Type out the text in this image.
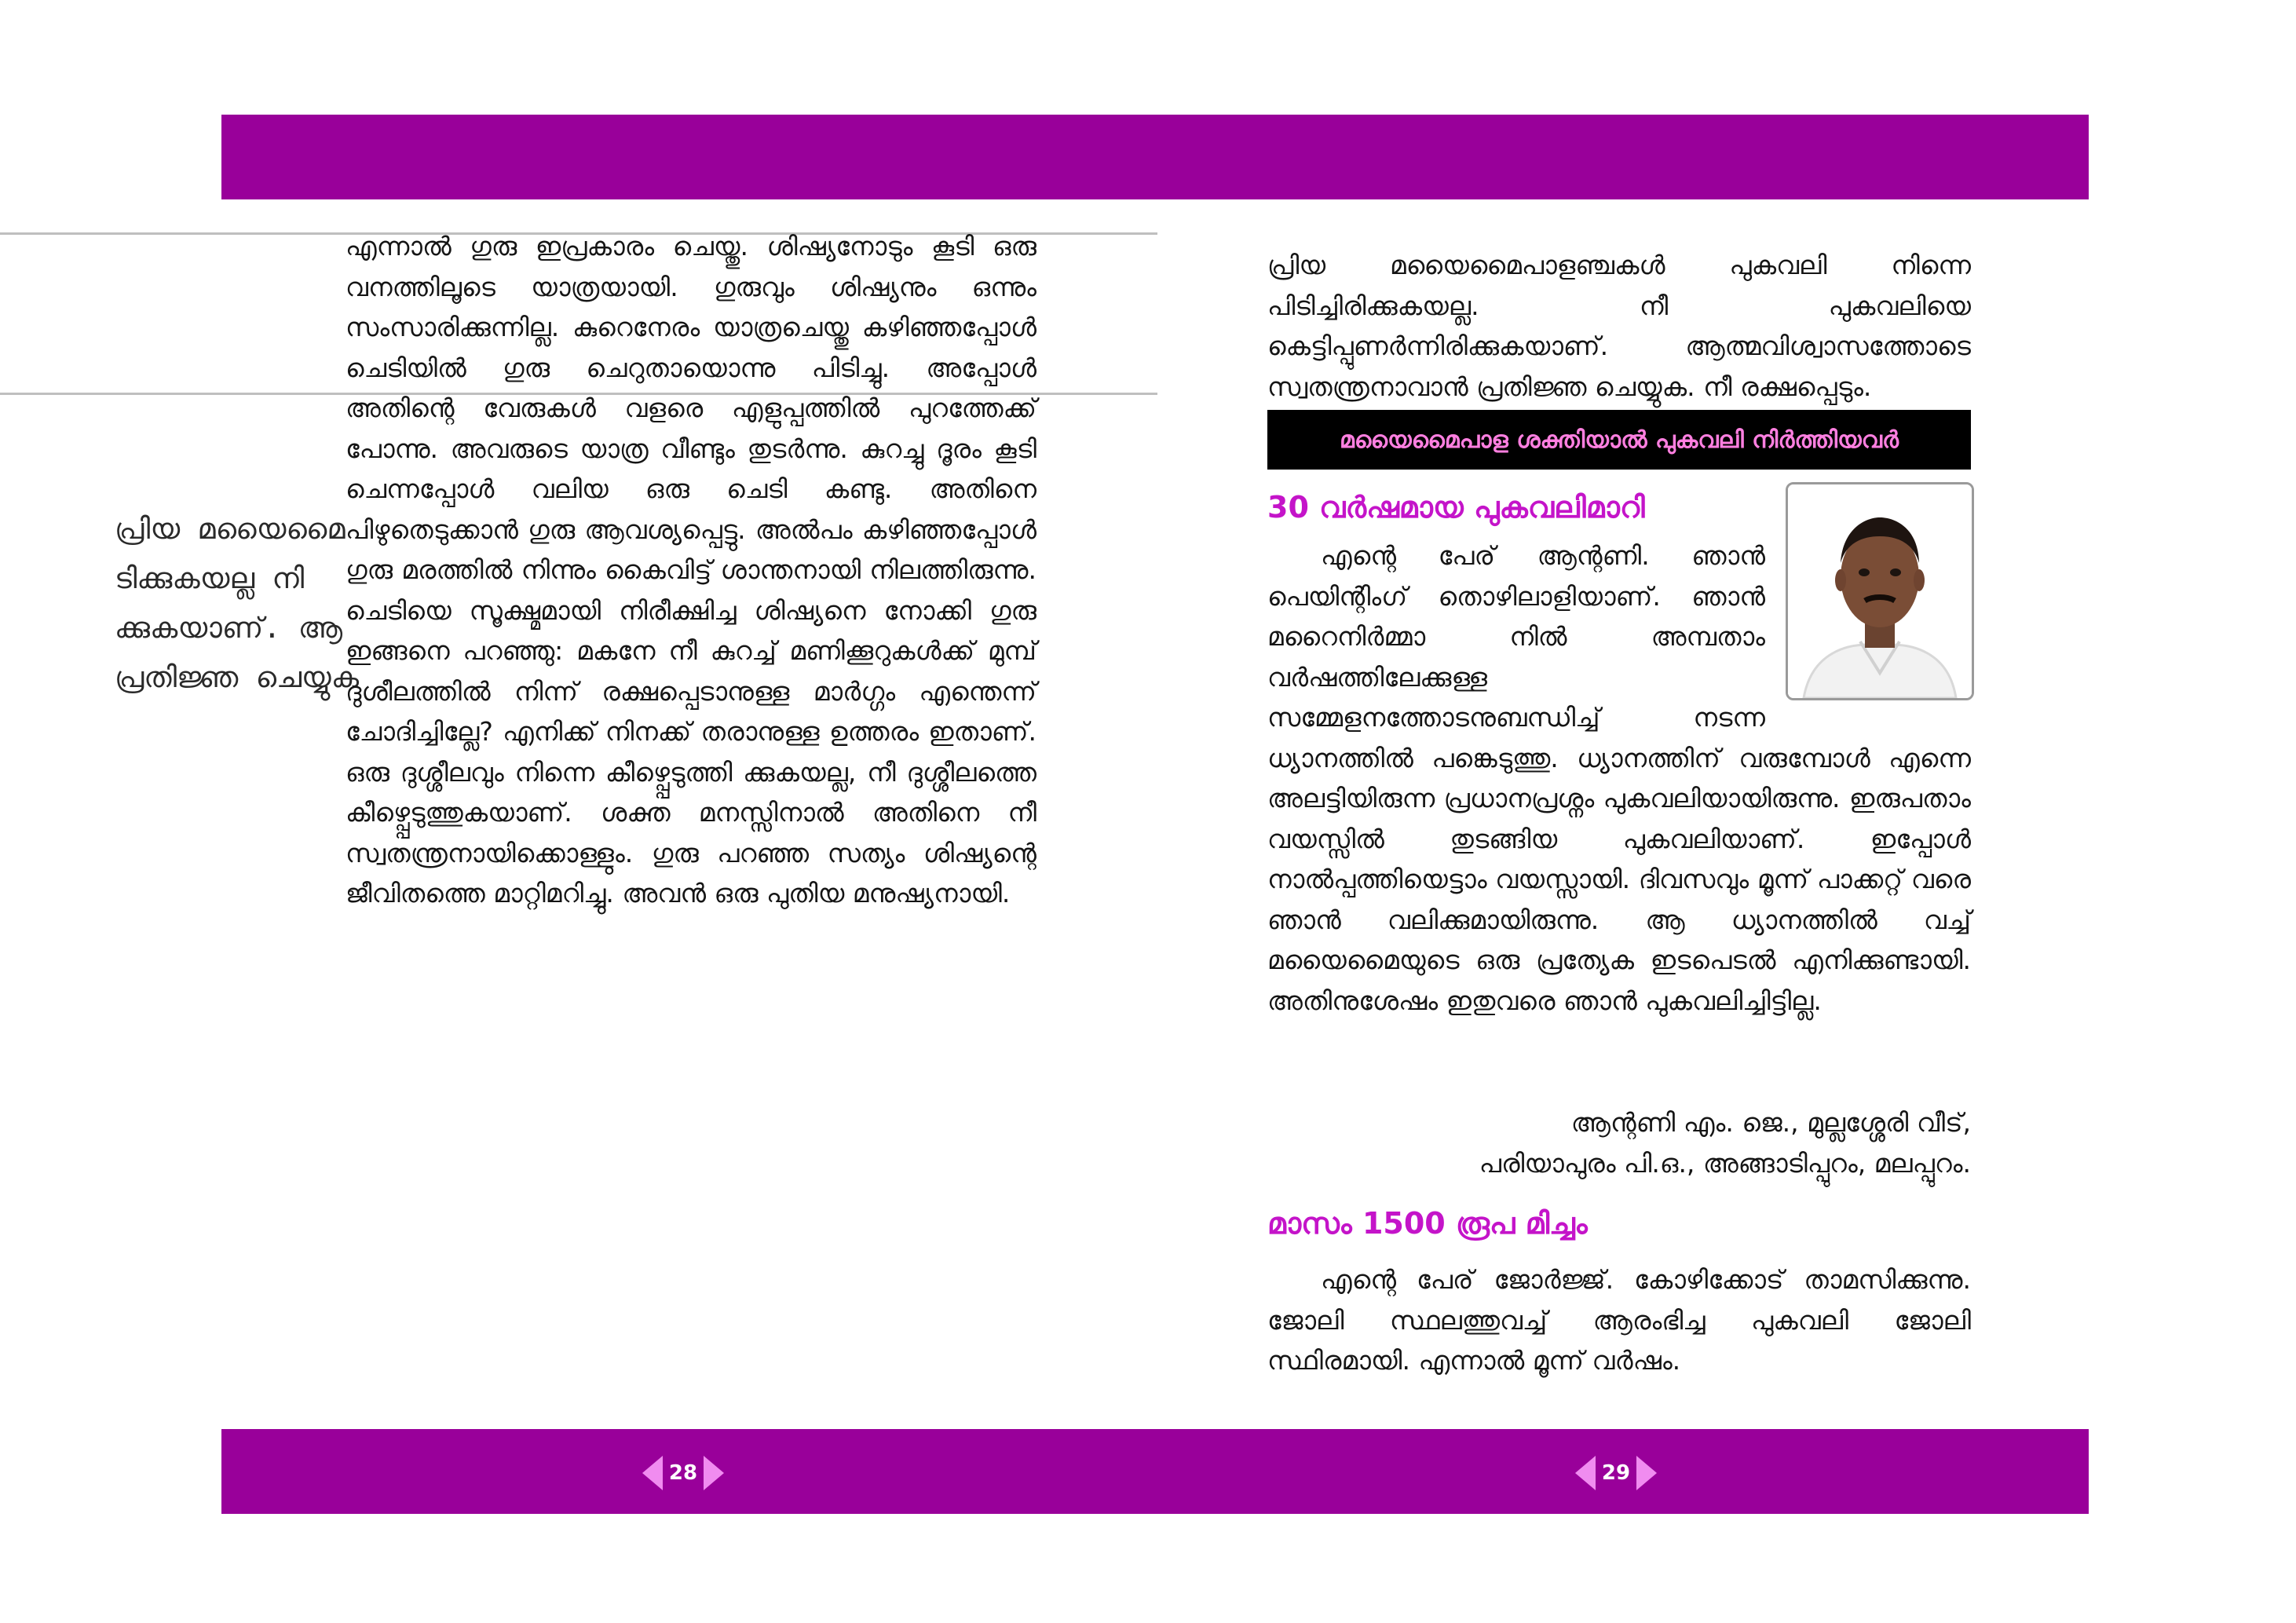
പ്രിയ മയൈമൈ
ടിക്കുകയല്ല നി
ക്കുകയാണ്. ആ
പ്രതിജ്ഞ ചെയ്യുക

എന്നാൽ ഗുരു ഇപ്രകാരം ചെയ്തു. ശിഷ്യനോടും കൂടി ഒരു വനത്തിലൂടെ യാത്രയായി. ഗുരുവും ശിഷ്യനും ഒന്നും സംസാരിക്കുന്നില്ല. കുറെനേരം യാത്രചെയ്തു കഴിഞ്ഞപ്പോൾ ചെടിയിൽ ഗുരു ചെറുതായൊന്നു പിടിച്ചു. അപ്പോൾ അതിന്റെ വേരുകൾ വളരെ എളുപ്പത്തിൽ പുറത്തേക്ക് പോന്നു. അവരുടെ യാത്ര വീണ്ടും തുടർന്നു. കുറച്ചു ദൂരം കൂടി ചെന്നപ്പോൾ വലിയ ഒരു ചെടി കണ്ടു. അതിനെ പിഴുതെടുക്കാൻ ഗുരു ആവശ്യപ്പെട്ടു. അൽപം കഴിഞ്ഞപ്പോൾ ഗുരു മരത്തിൽ നിന്നും കൈവിട്ട് ശാന്തനായി നിലത്തിരുന്നു. ചെടിയെ സൂക്ഷ്മമായി നിരീക്ഷിച്ച ശിഷ്യനെ നോക്കി ഗുരു ഇങ്ങനെ പറഞ്ഞു: മകനേ നീ കുറച്ച് മണിക്കൂറുകൾക്ക് മുമ്പ് ദുശീലത്തിൽ നിന്ന് രക്ഷപ്പെടാനുള്ള മാർഗ്ഗം എന്തെന്ന് ചോദിച്ചില്ലേ? എനിക്ക് നിനക്ക് തരാനുള്ള ഉത്തരം ഇതാണ്. ഒരു ദുശ്ശീലവും നിന്നെ കീഴ്പ്പെടുത്തി ക്കുകയല്ല, നീ ദുശ്ശീലത്തെ കീഴ്പ്പെടുത്തുകയാണ്. ശക്ത മനസ്സിനാൽ അതിനെ നീ സ്വതന്ത്രനായിക്കൊള്ളും. ഗുരു പറഞ്ഞ സത്യം ശിഷ്യന്റെ ജീവിതത്തെ മാറ്റിമറിച്ചു. അവൻ ഒരു പുതിയ മനുഷ്യനായി.

പ്രിയ മയൈമൈപാളഞ്ചകൾ പുകവലി നിന്നെ പിടിച്ചിരിക്കുകയല്ല. നീ പുകവലിയെ കെട്ടിപ്പുണർന്നിരിക്കുകയാണ്. ആത്മവിശ്വാസത്തോടെ സ്വതന്ത്രനാവാൻ പ്രതിജ്ഞ ചെയ്യുക. നീ രക്ഷപ്പെടും.

മയൈമൈപാള ശക്തിയാൽ പുകവലി നിർത്തിയവർ
30 വർഷമായ പുകവലിമാറി

എന്റെ പേര് ആന്റണി. ഞാൻ പെയിന്റിംഗ് തൊഴിലാളിയാണ്. ഞാൻ മറൈനിർമ്മാ നിൽ അമ്പതാം വർഷത്തിലേക്കുള്ള സമ്മേളനത്തോടനുബന്ധിച്ച് നടന്ന ധ്യാനത്തിൽ പങ്കെടുത്തു. ധ്യാനത്തിന് വരുമ്പോൾ എന്നെ അലട്ടിയിരുന്ന പ്രധാനപ്രശ്നം പുകവലിയായിരുന്നു. ഇരുപതാം വയസ്സിൽ തുടങ്ങിയ പുകവലിയാണ്. ഇപ്പോൾ നാൽപ്പത്തിയെട്ടാം വയസ്സായി. ദിവസവും മൂന്ന് പാക്കറ്റ് വരെ ഞാൻ വലിക്കുമായിരുന്നു. ആ ധ്യാനത്തിൽ വച്ച് മയൈമൈയുടെ ഒരു പ്രത്യേക ഇടപെടൽ എനിക്കുണ്ടായി. അതിനുശേഷം ഇതുവരെ ഞാൻ പുകവലിച്ചിട്ടില്ല.

ആന്റണി എം. ജെ., മുല്ലശ്ശേരി വീട്,
പരിയാപുരം പി.ഒ., അങ്ങാടിപ്പുറം, മലപ്പുറം.
മാസം 1500 രൂപ മിച്ചം

എന്റെ പേര് ജോർജ്ജ്. കോഴിക്കോട് താമസിക്കുന്നു. ജോലി സ്ഥലത്തുവച്ച് ആരംഭിച്ച പുകവലി ജോലി സ്ഥിരമായി. എന്നാൽ മൂന്ന് വർഷം.

28	29
